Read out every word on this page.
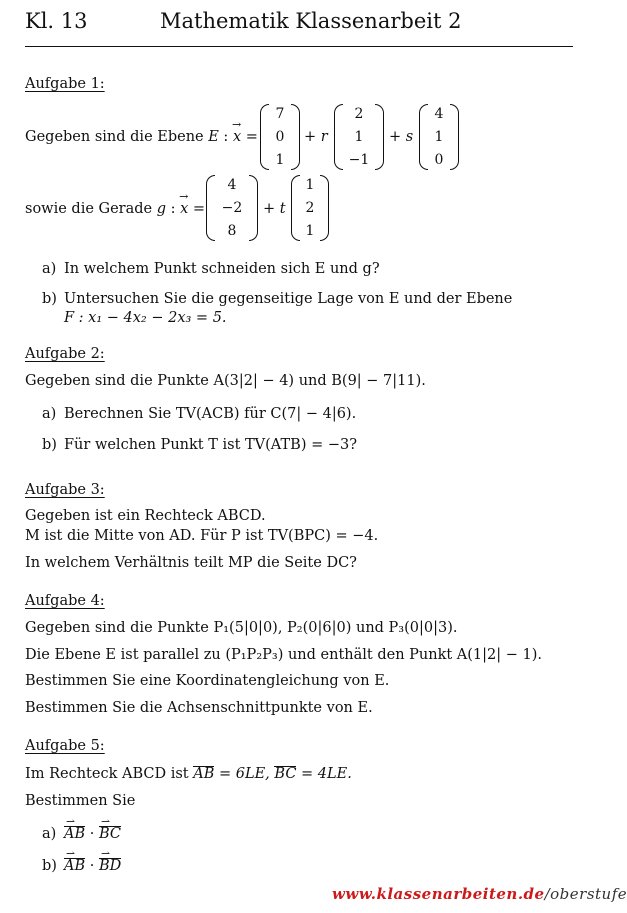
Kl. 13	Mathematik Klassenarbeit 2
Aufgabe 1:
Gegeben sind die Ebene E : → x =
7
0
1
+ r
2
1
−1
+ s
4
1
0
sowie die Gerade g : → x =
4
−2
8
+ t
1
2
1
a) In welchem Punkt schneiden sich E und g?
b) Untersuchen Sie die gegenseitige Lage von E und der Ebene
F : x₁ − 4x₂ − 2x₃ = 5.
Aufgabe 2:
Gegeben sind die Punkte A(3|2| − 4) und B(9| − 7|11).
a) Berechnen Sie TV(ACB) für C(7| − 4|6).
b) Für welchen Punkt T ist TV(ATB) = −3?
Aufgabe 3:
Gegeben ist ein Rechteck ABCD.
M ist die Mitte von AD. Für P ist TV(BPC) = −4.
In welchem Verhältnis teilt MP die Seite DC?
Aufgabe 4:
Gegeben sind die Punkte P₁(5|0|0), P₂(0|6|0) und P₃(0|0|3).
Die Ebene E ist parallel zu (P₁P₂P₃) und enthält den Punkt A(1|2| − 1).
Bestimmen Sie eine Koordinatengleichung von E.
Bestimmen Sie die Achsenschnittpunkte von E.
Aufgabe 5:
Im Rechteck ABCD ist AB = 6LE, BC = 4LE.
Bestimmen Sie
a) ⇀ AB · ⇀ BC
b) ⇀ AB · ⇀ BD
www.klassenarbeiten.de/oberstufe
